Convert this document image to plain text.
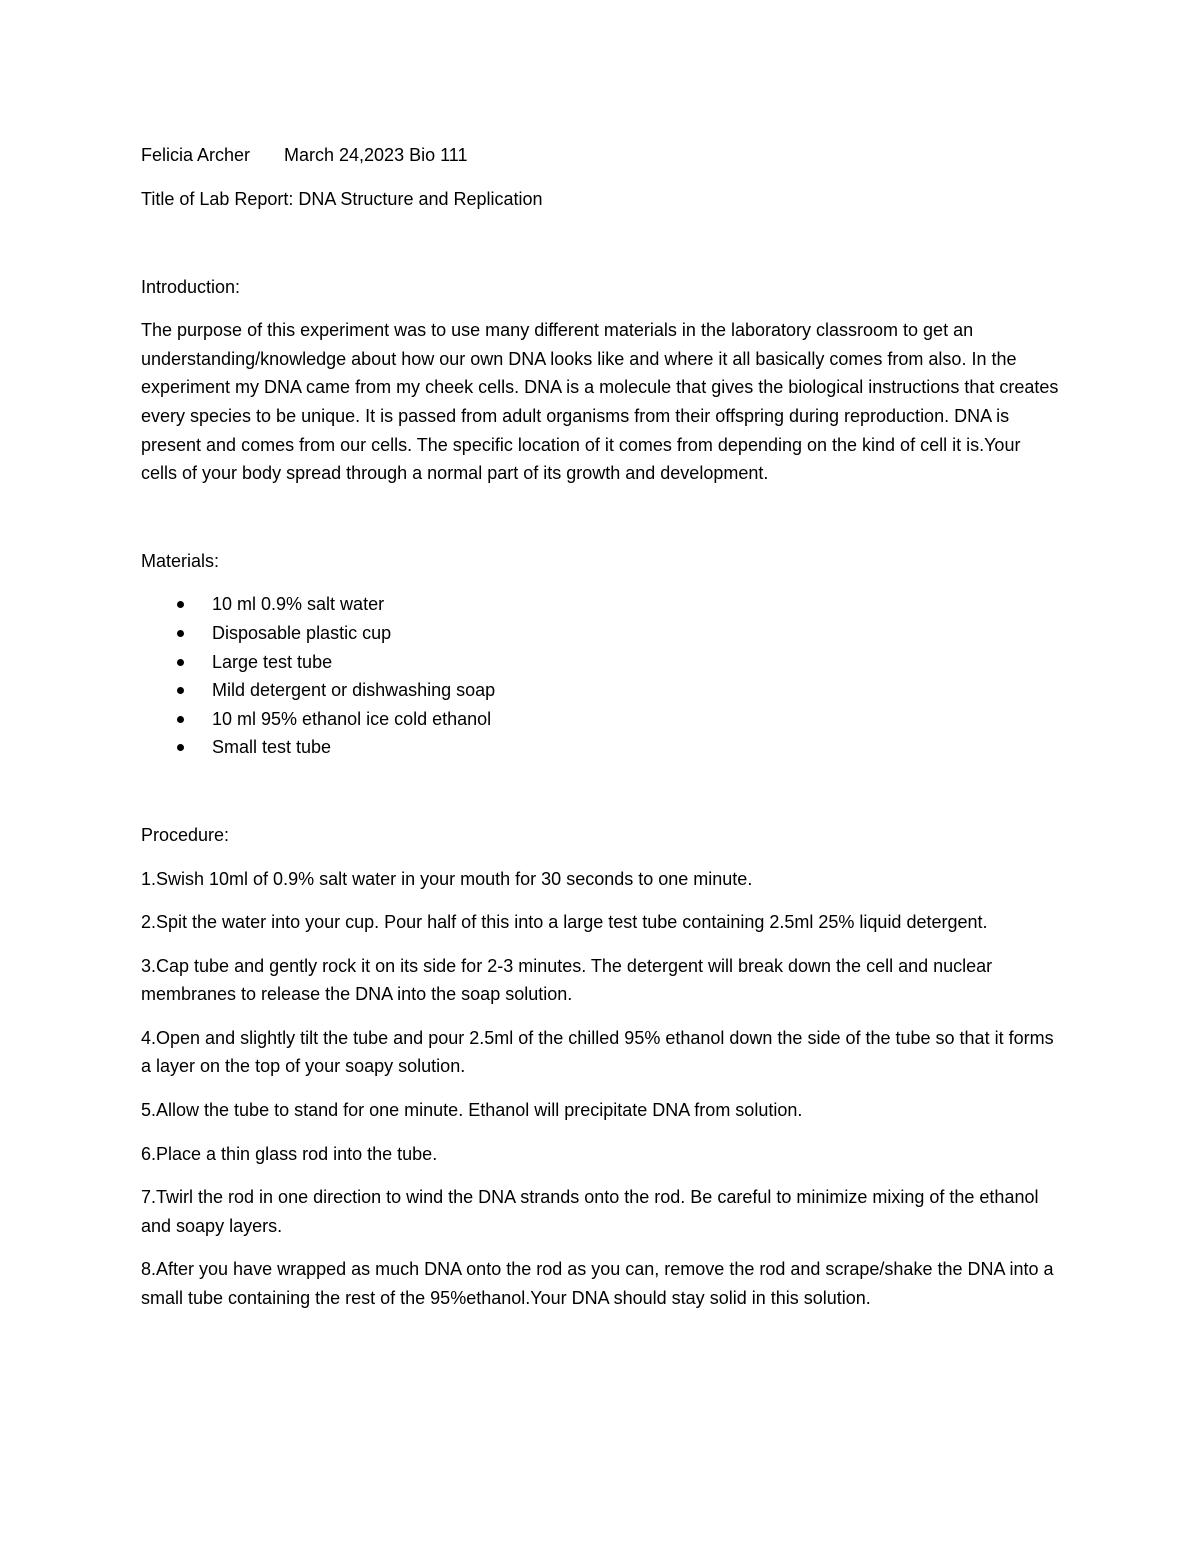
Felicia Archer March 24,2023 Bio 111

Title of Lab Report: DNA Structure and Replication

Introduction:

The purpose of this experiment was to use many different materials in the laboratory classroom to get an understanding/knowledge about how our own DNA looks like and where it all basically comes from also. In the experiment my DNA came from my cheek cells. DNA is a molecule that gives the biological instructions that creates every species to be unique. It is passed from adult organisms from their offspring during reproduction. DNA is present and comes from our cells. The specific location of it comes from depending on the kind of cell it is.Your cells of your body spread through a normal part of its growth and development.

Materials:

10 ml 0.9% salt water
Disposable plastic cup
Large test tube
Mild detergent or dishwashing soap
10 ml 95% ethanol ice cold ethanol
Small test tube

Procedure:

1.Swish 10ml of 0.9% salt water in your mouth for 30 seconds to one minute.

2.Spit the water into your cup. Pour half of this into a large test tube containing 2.5ml 25% liquid detergent.

3.Cap tube and gently rock it on its side for 2-3 minutes. The detergent will break down the cell and nuclear membranes to release the DNA into the soap solution.

4.Open and slightly tilt the tube and pour 2.5ml of the chilled 95% ethanol down the side of the tube so that it forms a layer on the top of your soapy solution.

5.Allow the tube to stand for one minute. Ethanol will precipitate DNA from solution.

6.Place a thin glass rod into the tube.

7.Twirl the rod in one direction to wind the DNA strands onto the rod. Be careful to minimize mixing of the ethanol and soapy layers.

8.After you have wrapped as much DNA onto the rod as you can, remove the rod and scrape/shake the DNA into a small tube containing the rest of the 95%ethanol.Your DNA should stay solid in this solution.
